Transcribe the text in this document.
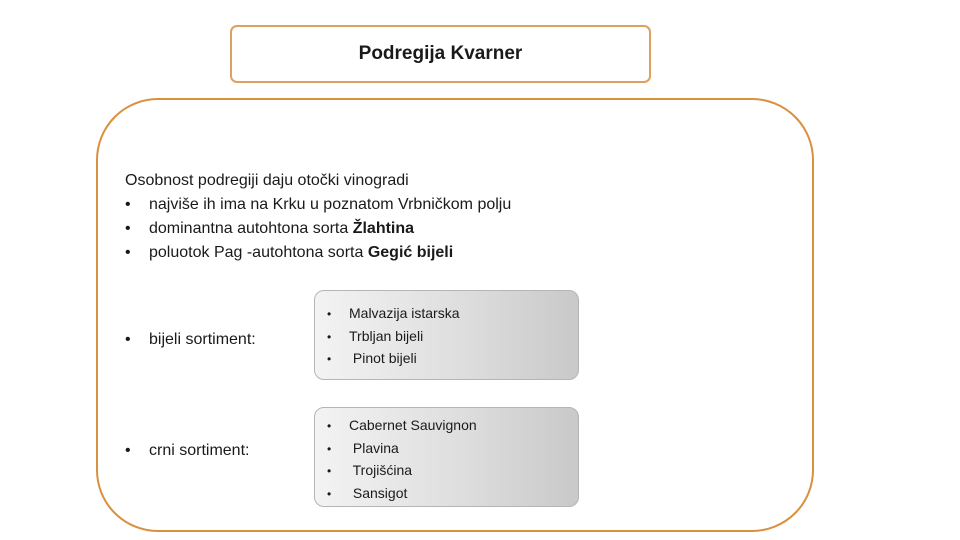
Podregija Kvarner
Osobnost podregiji daju otočki vinogradi
• najviše ih ima na Krku u poznatom Vrbničkom polju
• dominantna autohtona sorta Žlahtina
• poluotok Pag -autohtona sorta Gegić bijeli
• bijeli sortiment:
• Malvazija istarska
• Trbljan bijeli
• Pinot bijeli
• crni sortiment:
• Cabernet Sauvignon
• Plavina
• Trojišćina
• Sansigot
